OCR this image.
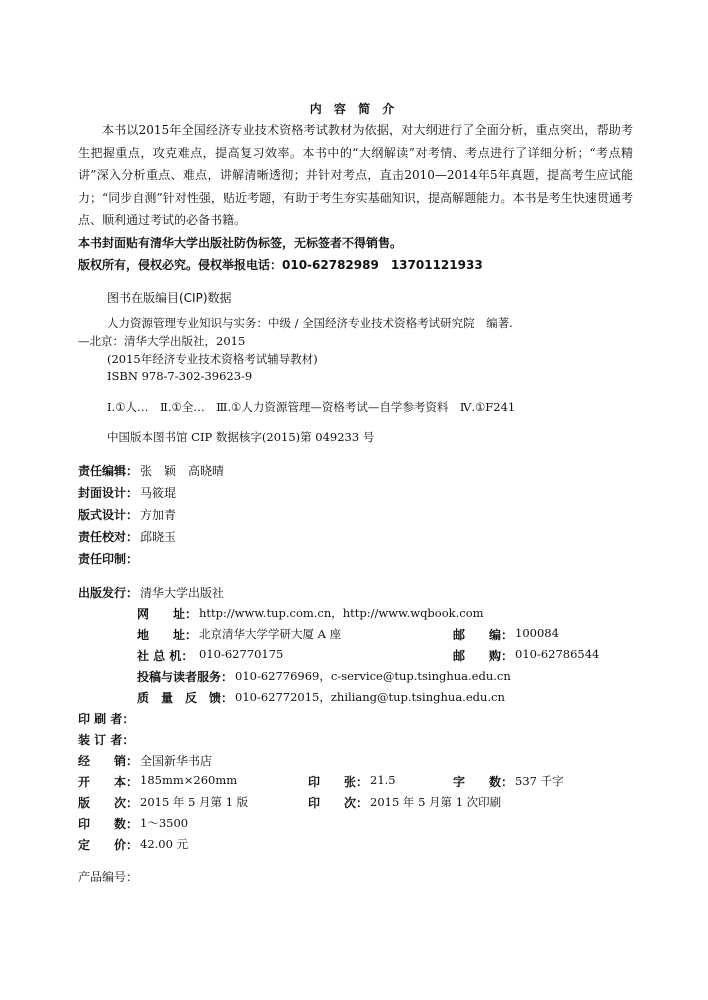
内 容 简 介
本书以2015年全国经济专业技术资格考试教材为依据，对大纲进行了全面分析，重点突出，帮助考生把握重点，攻克难点，提高复习效率。本书中的“大纲解读”对考情、考点进行了详细分析；“考点精讲”深入分析重点、难点，讲解清晰透彻；并针对考点，直击2010—2014年5年真题，提高考生应试能力；“同步自测”针对性强，贴近考题，有助于考生夯实基础知识，提高解题能力。本书是考生快速贯通考点、顺利通过考试的必备书籍。
本书封面贴有清华大学出版社防伪标签，无标签者不得销售。
版权所有，侵权必究。侵权举报电话：010-62782989　13701121933
图书在版编目(CIP)数据
人力资源管理专业知识与实务：中级 / 全国经济专业技术资格考试研究院　编著.
—北京：清华大学出版社，2015
(2015年经济专业技术资格考试辅导教材)
ISBN 978-7-302-39623-9
Ⅰ.①人…　Ⅱ.①全…　Ⅲ.①人力资源管理—资格考试—自学参考资料　Ⅳ.①F241
中国版本图书馆 CIP 数据核字(2015)第 049233 号
责任编辑： 张　颖　高晓晴
封面设计： 马筱琨
版式设计： 方加青
责任校对： 邱晓玉
责任印制：
出版发行： 清华大学出版社
网　　址： http://www.tup.com.cn，http://www.wqbook.com
地　　址： 北京清华大学学研大厦 A 座	邮　　编： 100084
社 总 机： 010-62770175	邮　　购： 010-62786544
投稿与读者服务： 010-62776969，c-service@tup.tsinghua.edu.cn
质　量　反　馈： 010-62772015，zhiliang@tup.tsinghua.edu.cn
印 刷 者：
装 订 者：
经　　销： 全国新华书店
开　　本： 185mm×260mm	印　　张： 21.5	字　　数： 537 千字
版　　次： 2015 年 5 月第 1 版	印　　次： 2015 年 5 月第 1 次印刷
印　　数： 1～3500
定　　价： 42.00 元
产品编号：
